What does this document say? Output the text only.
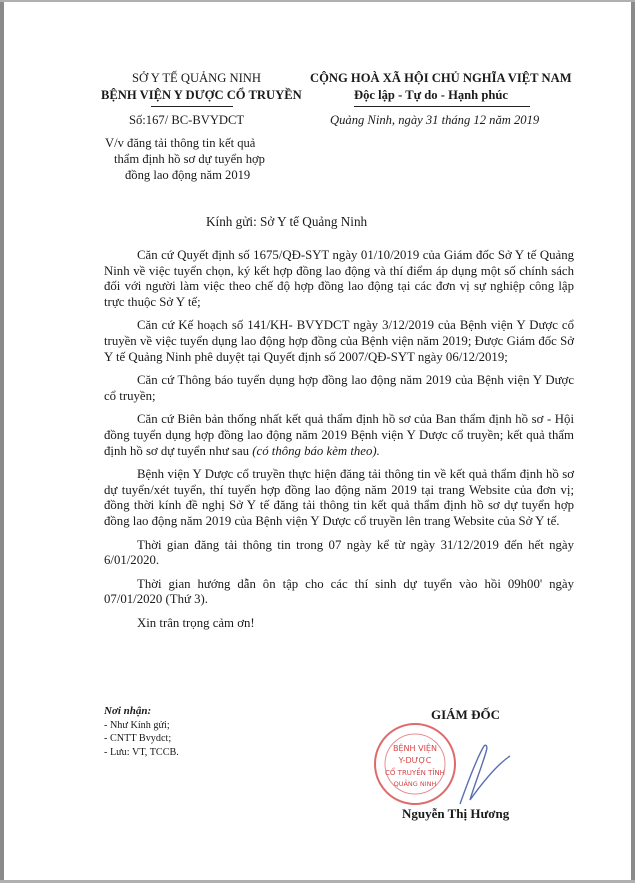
SỞ Y TẾ QUẢNG NINH
BỆNH VIỆN Y DƯỢC CỔ TRUYỀN
Số:167/ BC-BVYDCT
V/v đăng tải thông tin kết quả
thẩm định hồ sơ dự tuyển hợp
đồng lao động năm 2019
CỘNG HOÀ XÃ HỘI CHỦ NGHĨA VIỆT NAM
Độc lập - Tự do - Hạnh phúc
Quảng Ninh, ngày 31 tháng 12 năm 2019
Kính gửi: Sở Y tế Quảng Ninh

Căn cứ Quyết định số 1675/QĐ-SYT ngày 01/10/2019 của Giám đốc Sở Y tế Quảng Ninh về việc tuyển chọn, ký kết hợp đồng lao động và thí điểm áp dụng một số chính sách đối với người làm việc theo chế độ hợp đồng lao động tại các đơn vị sự nghiệp công lập trực thuộc Sở Y tế;

Căn cứ Kế hoạch số 141/KH- BVYDCT ngày 3/12/2019 của Bệnh viện Y Dược cổ truyền về việc tuyển dụng lao động hợp đồng của Bệnh viện năm 2019; Được Giám đốc Sở Y tế Quảng Ninh phê duyệt tại Quyết định số 2007/QĐ-SYT ngày 06/12/2019;

Căn cứ Thông báo tuyển dụng hợp đồng lao động năm 2019 của Bệnh viện Y Dược cổ truyền;

Căn cứ Biên bản thống nhất kết quả thẩm định hồ sơ của Ban thẩm định hồ sơ - Hội đồng tuyển dụng hợp đồng lao động năm 2019 Bệnh viện Y Dược cổ truyền; kết quả thẩm định hồ sơ dự tuyển như sau (có thông báo kèm theo).

Bệnh viện Y Dược cổ truyền thực hiện đăng tải thông tin về kết quả thẩm định hồ sơ dự tuyển/xét tuyển, thí tuyển hợp đồng lao động năm 2019 tại trang Website của đơn vị; đồng thời kính đề nghị Sở Y tế đăng tải thông tin kết quả thẩm định hồ sơ dự tuyển hợp đồng lao động năm 2019 của Bệnh viện Y Dược cổ truyền lên trang Website của Sở Y tế.

Thời gian đăng tải thông tin trong 07 ngày kể từ ngày 31/12/2019 đến hết ngày 6/01/2020.

Thời gian hướng dẫn ôn tập cho các thí sinh dự tuyển vào hồi 09h00' ngày 07/01/2020 (Thứ 3).

Xin trân trọng cảm ơn!

Nơi nhận:
- Như Kính gửi;
- CNTT Bvydct;
- Lưu: VT, TCCB.
GIÁM ĐỐC
BỆNH VIỆN
Y-DƯỢC
CỔ TRUYỀN TỈNH
QUẢNG NINH
Nguyễn Thị Hương
